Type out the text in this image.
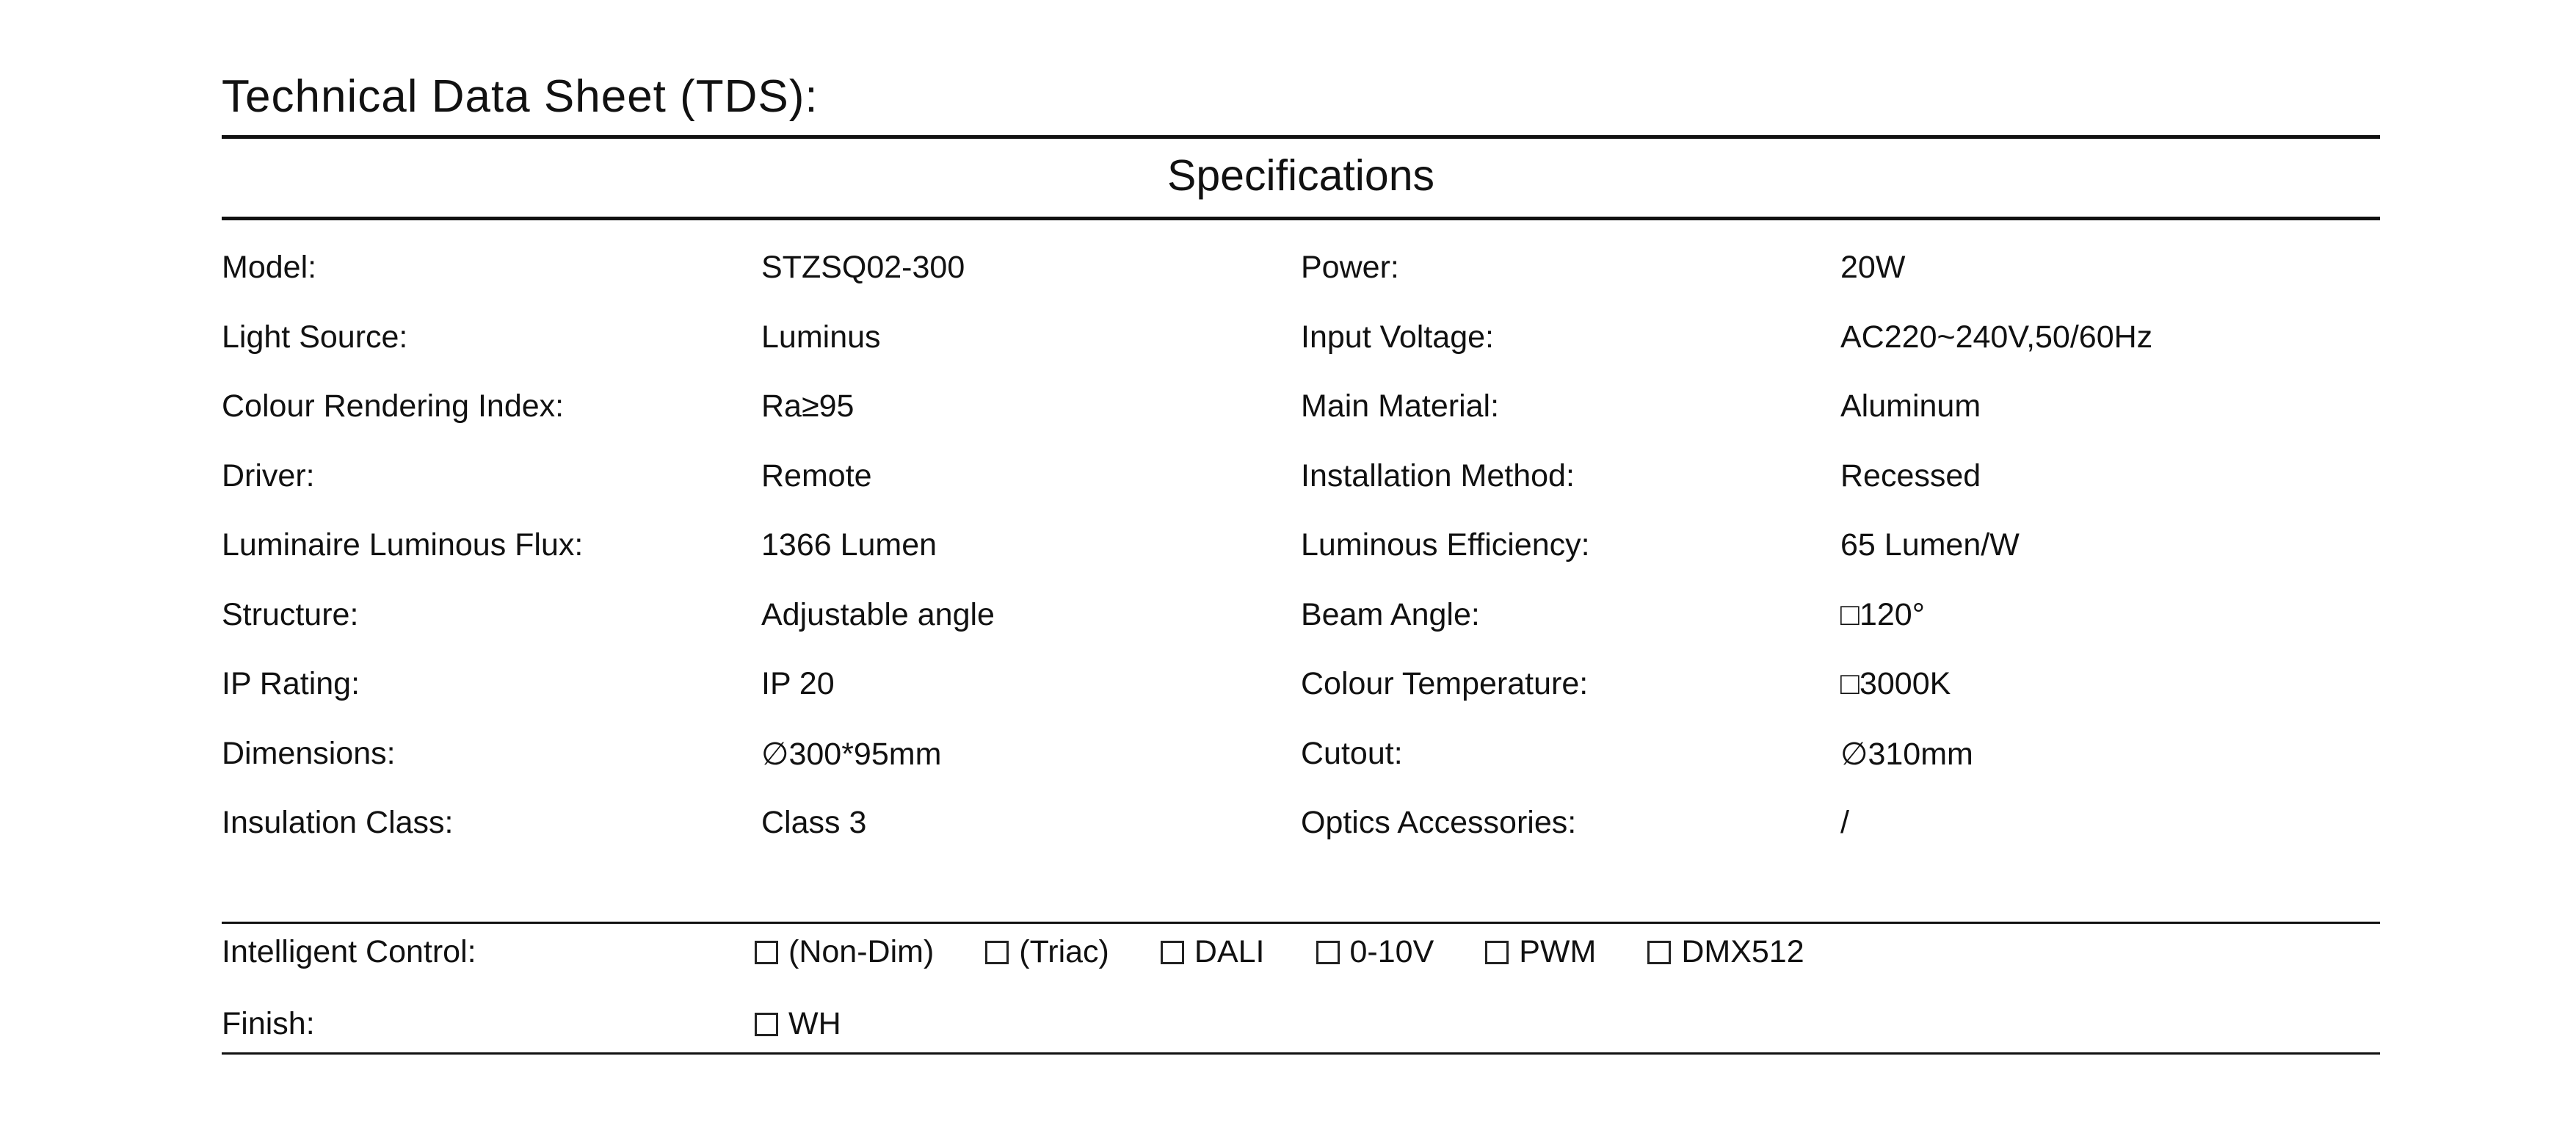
Technical Data Sheet (TDS):
Specifications
Model:	STZSQ02-300	Power:	20W
Light Source:	Luminus	Input Voltage:	AC220~240V,50/60Hz
Colour Rendering Index:	Ra≥95	Main Material:	Aluminum
Driver:	Remote	Installation Method:	Recessed
Luminaire Luminous Flux:	1366 Lumen	Luminous Efficiency:	65 Lumen/W
Structure:	Adjustable angle	Beam Angle:	□120°
IP Rating:	IP 20	Colour Temperature:	□3000K
Dimensions:	∅300*95mm	Cutout:	∅310mm
Insulation Class:	Class 3	Optics Accessories:	/
Intelligent Control:	(Non-Dim)	(Triac)	DALI	0-10V	PWM	DMX512
Finish:	WH
